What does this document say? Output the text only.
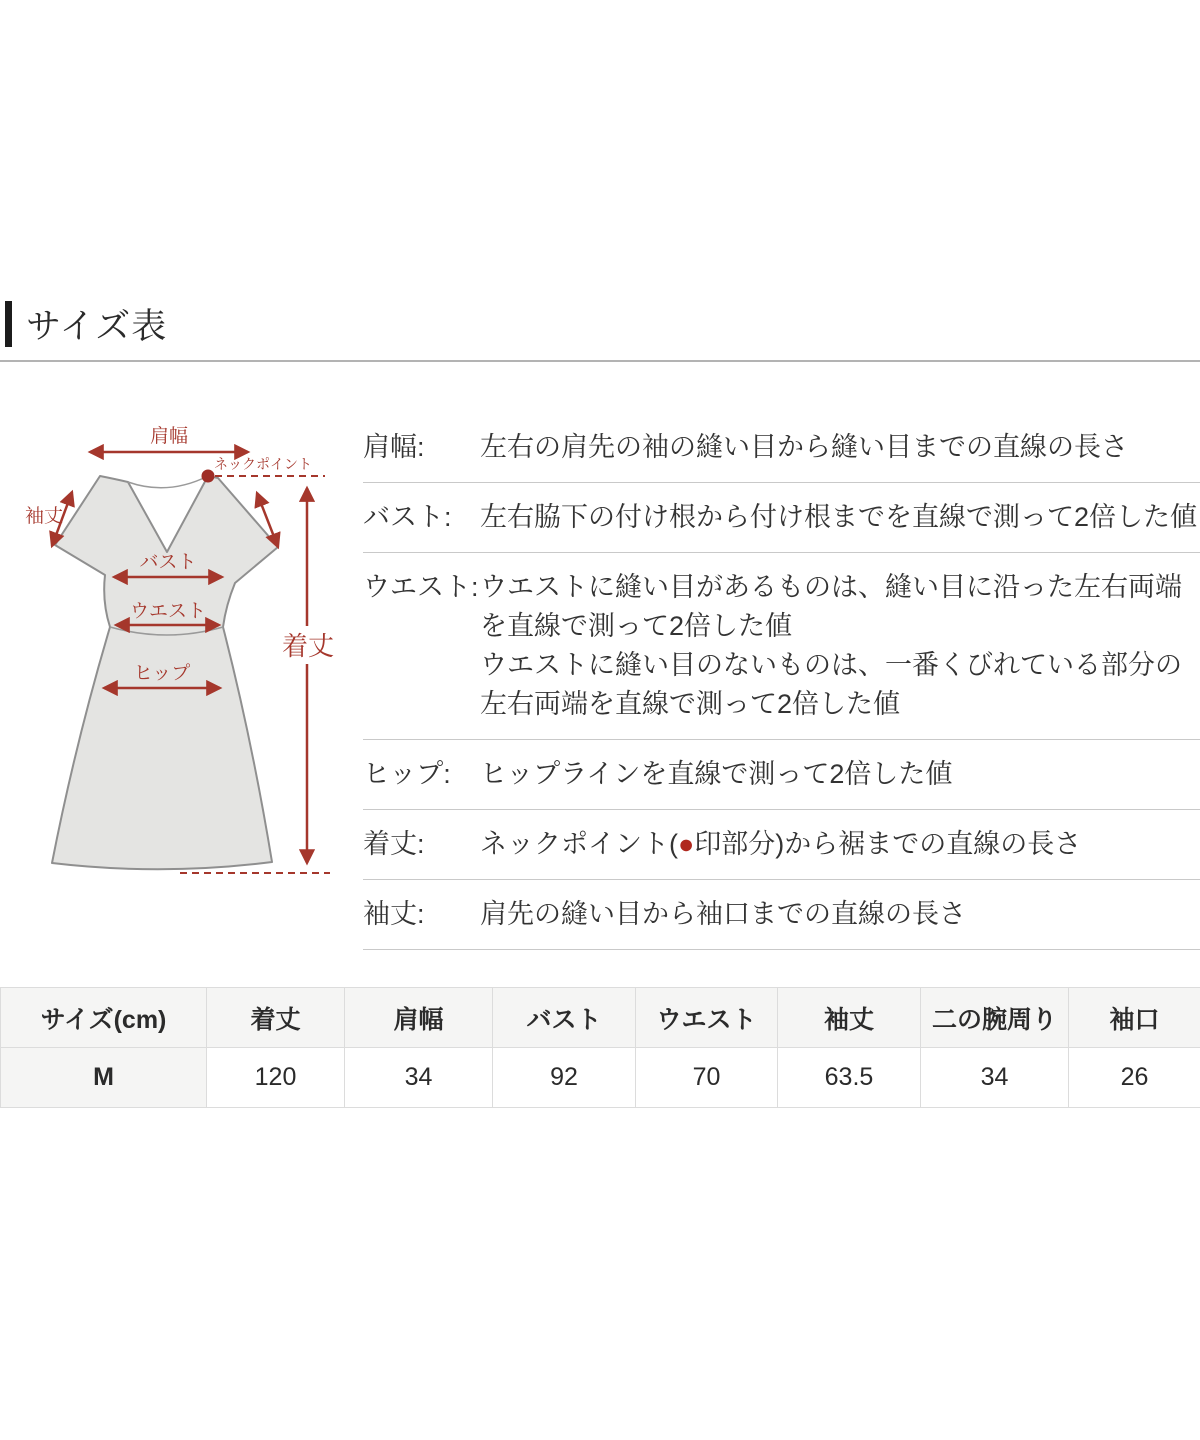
サイズ表
肩幅
ネックポイント
袖丈
バスト
ウエスト
ヒップ
着丈
肩幅:	左右の肩先の袖の縫い目から縫い目までの直線の長さ
バスト:	左右脇下の付け根から付け根までを直線で測って2倍した値
ウエスト: ウエストに縫い目があるものは、縫い目に沿った左右両端
を直線で測って2倍した値
ウエストに縫い目のないものは、一番くびれている部分の
左右両端を直線で測って2倍した値
ヒップ:	ヒップラインを直線で測って2倍した値
着丈:	ネックポイント(●印部分)から裾までの直線の長さ
袖丈:	肩先の縫い目から袖口までの直線の長さ
サイズ(cm)	着丈	肩幅	バスト	ウエスト	袖丈	二の腕周り	袖口
M	120	34	92	70	63.5	34	26
